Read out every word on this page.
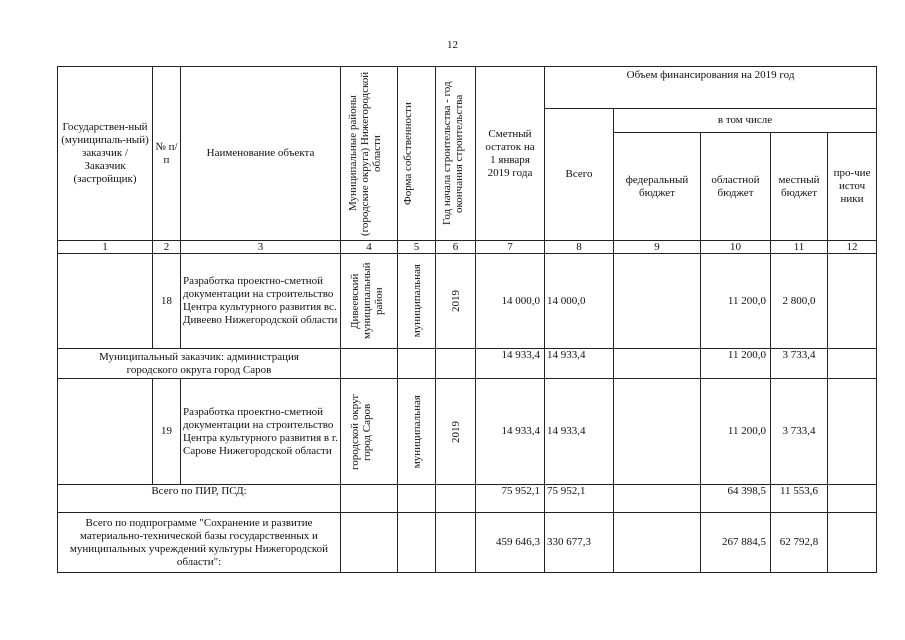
12
Государствен-ный (муниципаль-ный) заказчик / Заказчик (застройщик)	№ п/п	Наименование объекта	Муниципальные районы (городские округа) Нижегородской области	Форма собственности	Год начала строительства - год окончания строительства	Сметный остаток на 1 января 2019 года	Объем финансирования на 2019 год				
							Всего	в том числе			
								федеральный бюджет	областной бюджет	местный бюджет	про-чие источ ники
1	2	3	4	5	6	7	8	9	10	11	12
	18	Разработка проектно-сметной документации на строительство Центра культурного развития вс. Дивеево Нижегородской области	Дивеевский муниципальный район	муниципальная	2019	14 000,0	14 000,0		11 200,0	2 800,0	
Муниципальный заказчик: администрация городского округа город Саров						14 933,4	14 933,4		11 200,0	3 733,4	
	19	Разработка проектно-сметной документации на строительство Центра культурного развития в г. Сарове Нижегородской области	городской округ город Саров	муниципальная	2019	14 933,4	14 933,4		11 200,0	3 733,4	
Всего по ПИР, ПСД:						75 952,1	75 952,1		64 398,5	11 553,6	
Всего по подпрограмме "Сохранение и развитие материально-технической базы государственных и муниципальных учреждений культуры Нижегородской области":						459 646,3	330 677,3		267 884,5	62 792,8	
